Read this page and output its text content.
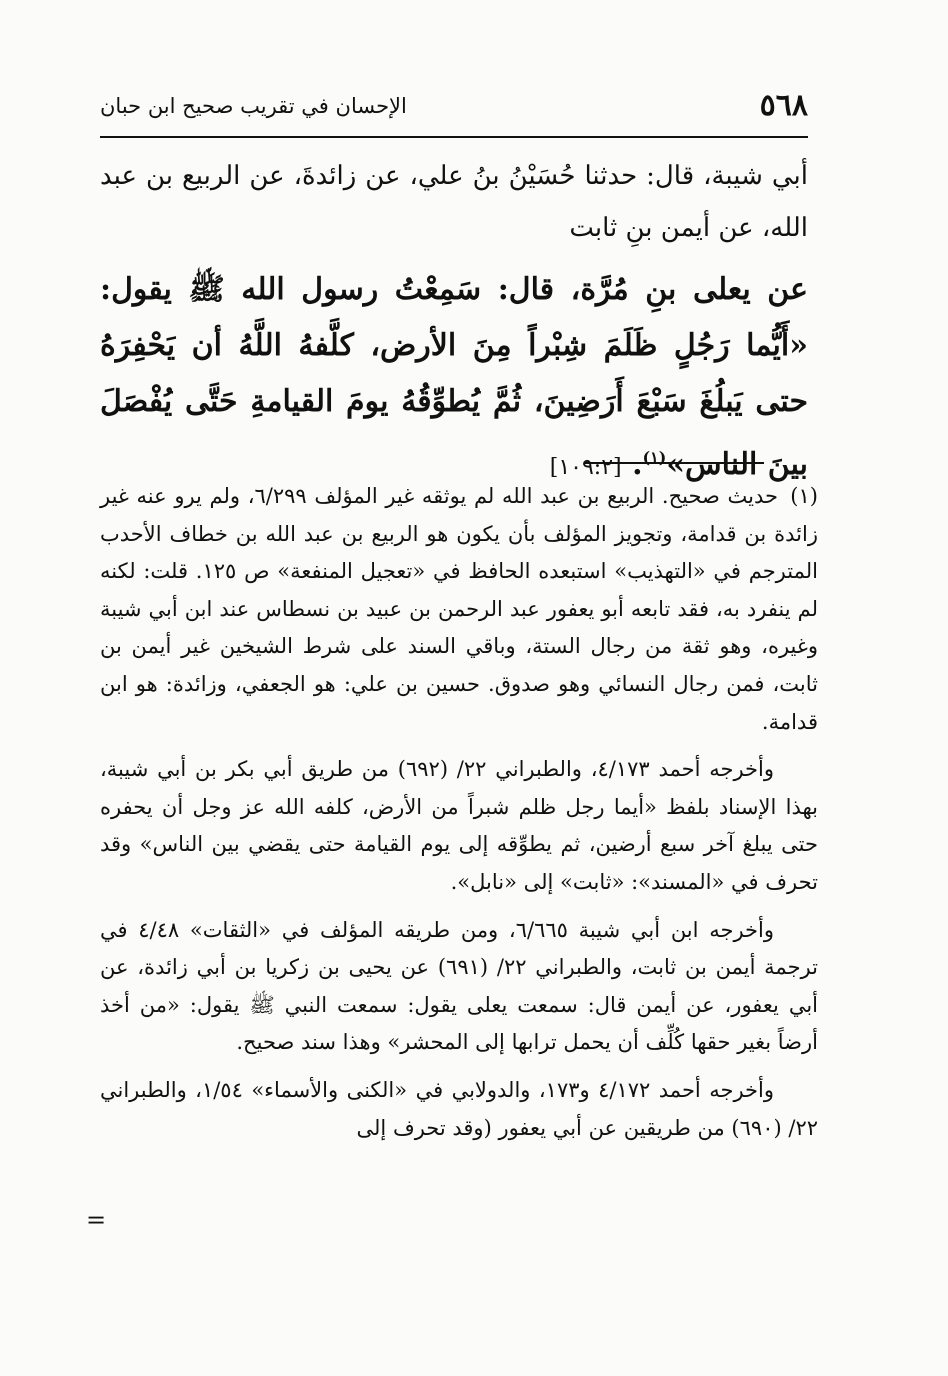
٥٦٨
الإحسان في تقريب صحيح ابن حبان
أبي شيبة، قال: حدثنا حُسَيْنُ بنُ علي، عن زائدةَ، عن الربيع بن عبد الله، عن أيمن بنِ ثابت
عن يعلى بنِ مُرَّة، قال: سَمِعْتُ رسول الله ﷺ يقول: «أَيُّما رَجُلٍ ظَلَمَ شِبْراً مِنَ الأرض، كلَّفهُ اللَّهُ أن يَحْفِرَهُ حتى يَبلُغَ سَبْعَ أَرَضِينَ، ثُمَّ يُطوِّقُهُ يومَ القيامةِ حَتَّى يُفْصَلَ بينَ الناس»$^{(١)}$. [١٠٩:٢]

(١)حديث صحيح. الربيع بن عبد الله لم يوثقه غير المؤلف ٦/٢٩٩، ولم يرو عنه غير زائدة بن قدامة، وتجويز المؤلف بأن يكون هو الربيع بن عبد الله بن خطاف الأحدب المترجم في «التهذيب» استبعده الحافظ في «تعجيل المنفعة» ص ١٢٥. قلت: لكنه لم ينفرد به، فقد تابعه أبو يعفور عبد الرحمن بن عبيد بن نسطاس عند ابن أبي شيبة وغيره، وهو ثقة من رجال الستة، وباقي السند على شرط الشيخين غير أيمن بن ثابت، فمن رجال النسائي وهو صدوق. حسين بن علي: هو الجعفي، وزائدة: هو ابن قدامة.

وأخرجه أحمد ٤/١٧٣، والطبراني ٢٢/ (٦٩٢) من طريق أبي بكر بن أبي شيبة، بهذا الإسناد بلفظ «أيما رجل ظلم شبراً من الأرض، كلفه الله عز وجل أن يحفره حتى يبلغ آخر سبع أرضين، ثم يطوِّقه إلى يوم القيامة حتى يقضي بين الناس» وقد تحرف في «المسند»: «ثابت» إلى «نابل».

وأخرجه ابن أبي شيبة ٦/٦٦٥، ومن طريقه المؤلف في «الثقات» ٤/٤٨ في ترجمة أيمن بن ثابت، والطبراني ٢٢/ (٦٩١) عن يحيى بن زكريا بن أبي زائدة، عن أبي يعفور، عن أيمن قال: سمعت يعلى يقول: سمعت النبي ﷺ يقول: «من أخذ أرضاً بغير حقها كُلِّف أن يحمل ترابها إلى المحشر» وهذا سند صحيح.

وأخرجه أحمد ٤/١٧٢ و١٧٣، والدولابي في «الكنى والأسماء» ١/٥٤، والطبراني ٢٢/ (٦٩٠) من طريقين عن أبي يعفور (وقد تحرف إلى

=
